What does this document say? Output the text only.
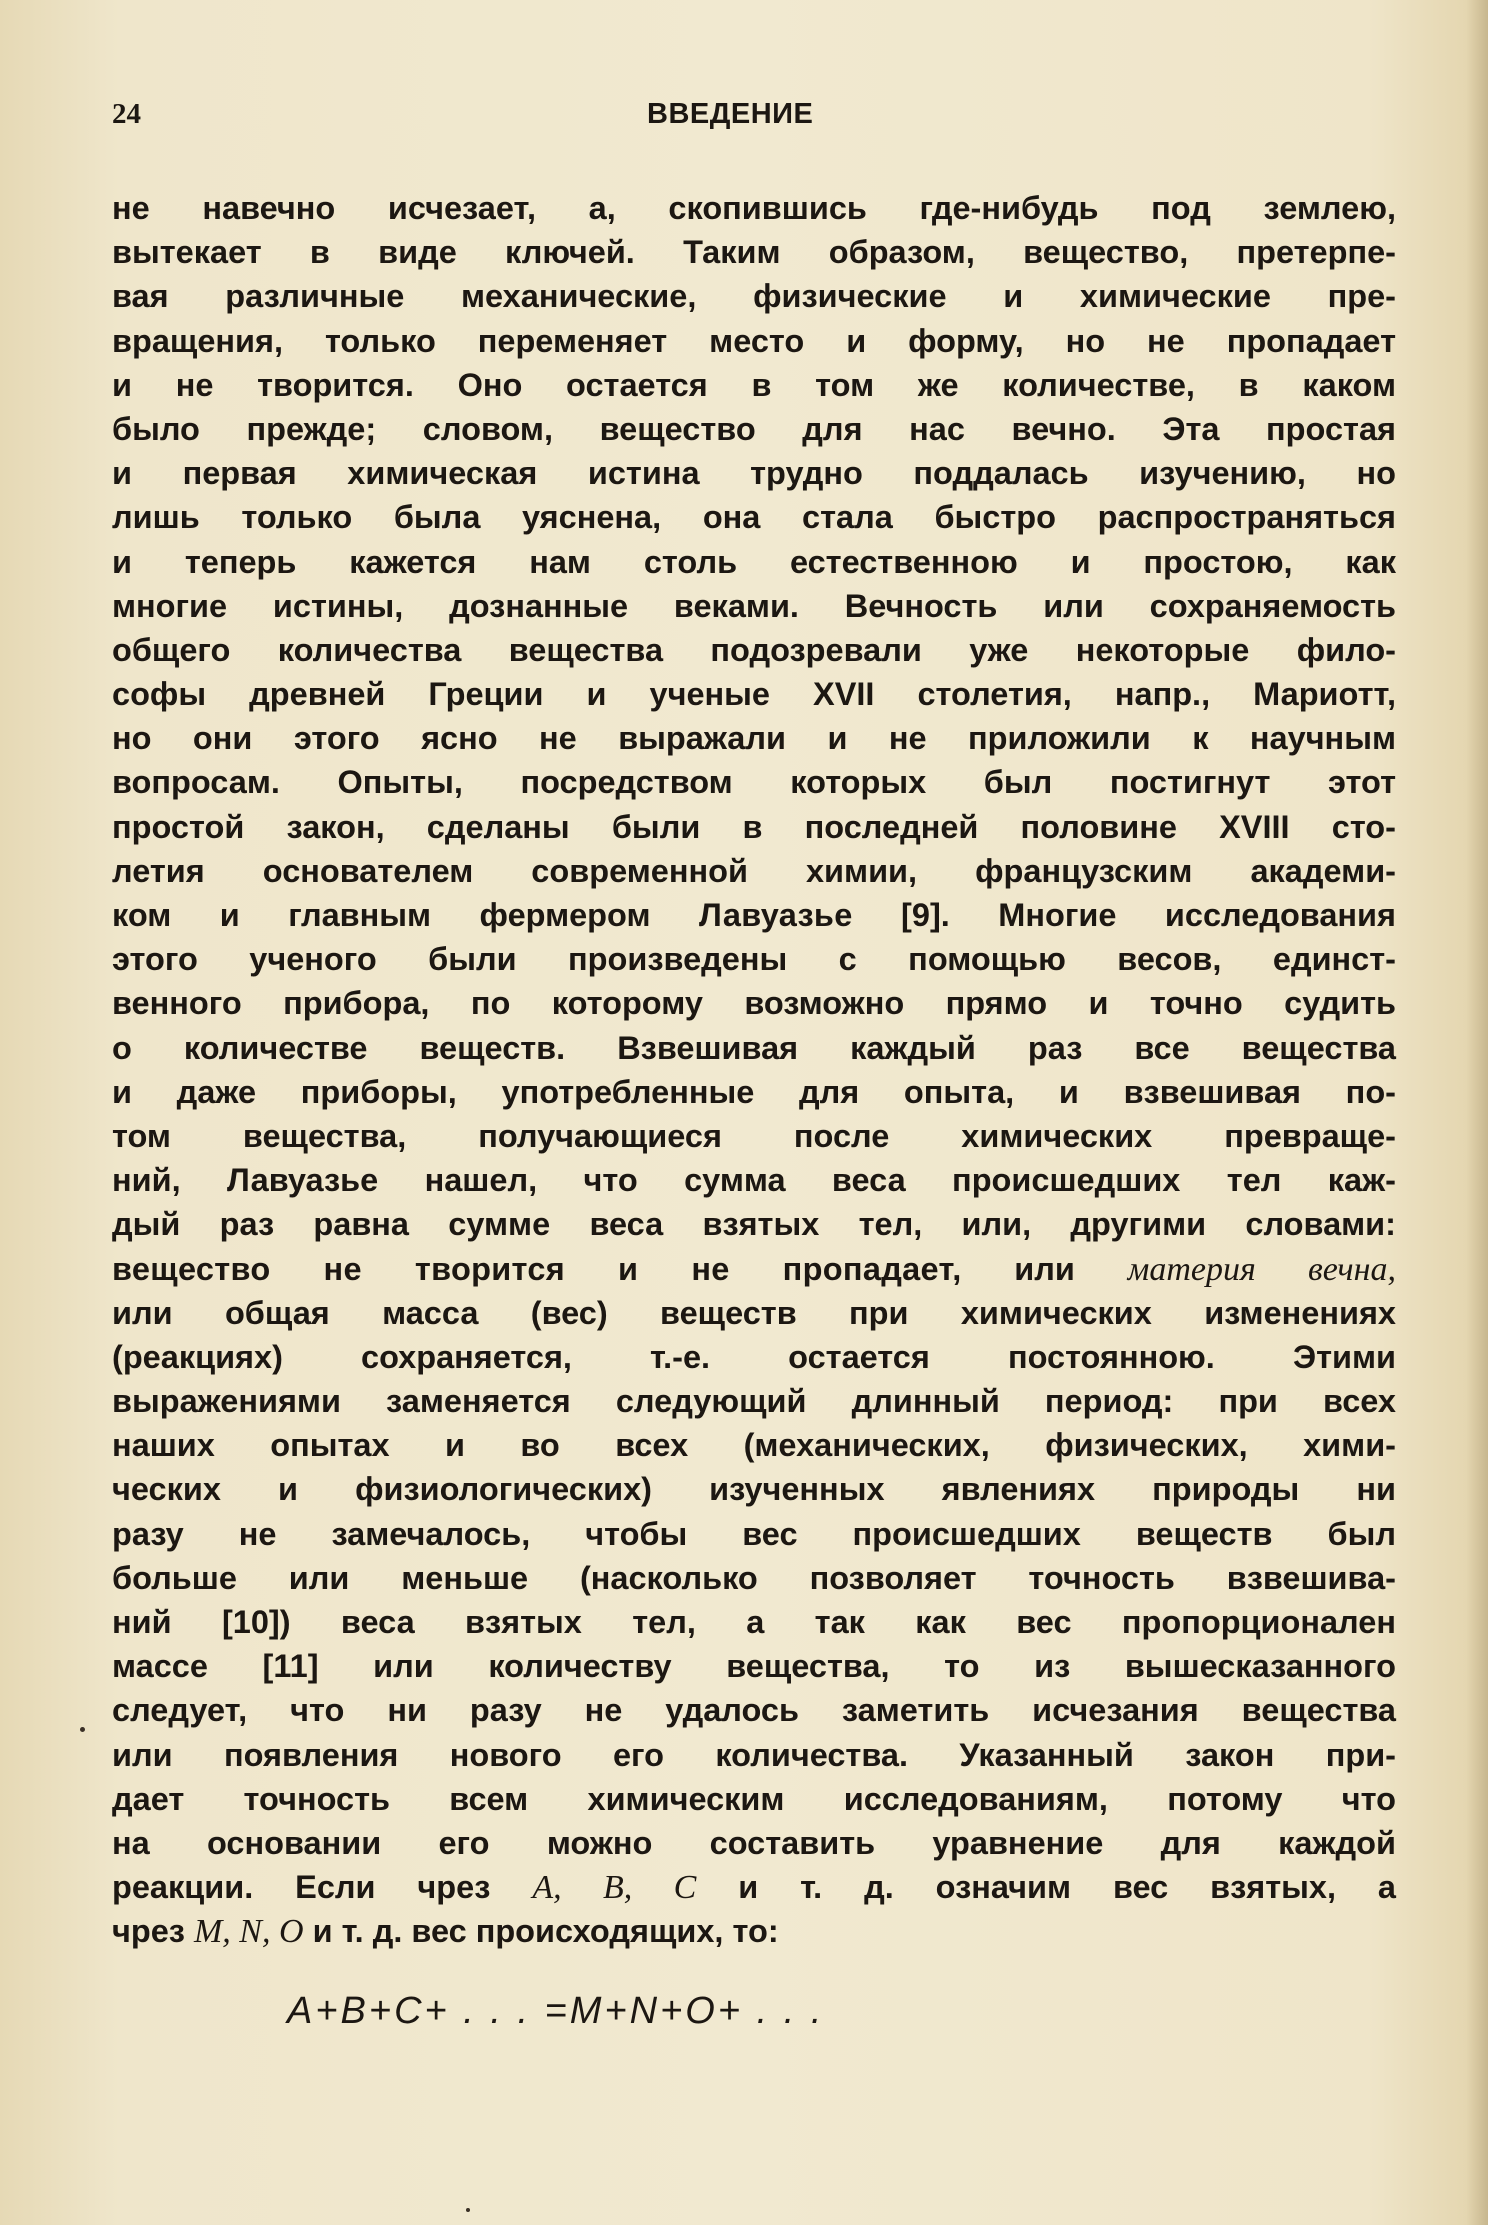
24	ВВЕДЕНИЕ
не навечно исчезает, а, скопившись где-нибудь под землею,
вытекает в виде ключей. Таким образом, вещество, претерпе-
вая различные механические, физические и химические пре-
вращения, только переменяет место и форму, но не пропадает
и не творится. Оно остается в том же количестве, в каком
было прежде; словом, вещество для нас вечно. Эта простая
и первая химическая истина трудно поддалась изучению, но
лишь только была уяснена, она стала быстро распространяться
и теперь кажется нам столь естественною и простою, как
многие истины, дознанные веками. Вечность или сохраняемость
общего количества вещества подозревали уже некоторые фило-
софы древней Греции и ученые XVII столетия, напр., Мариотт,
но они этого ясно не выражали и не приложили к научным
вопросам. Опыты, посредством которых был постигнут этот
простой закон, сделаны были в последней половине XVIII сто-
летия основателем современной химии, французским академи-
ком и главным фермером Лавуазье [9]. Многие исследования
этого ученого были произведены с помощью весов, единст-
венного прибора, по которому возможно прямо и точно судить
о количестве веществ. Взвешивая каждый раз все вещества
и даже приборы, употребленные для опыта, и взвешивая по-
том вещества, получающиеся после химических превраще-
ний, Лавуазье нашел, что сумма веса происшедших тел каж-
дый раз равна сумме веса взятых тел, или, другими словами:
вещество не творится и не пропадает, или материя вечна,
или общая масса (вес) веществ при химических изменениях
(реакциях) сохраняется, т.-е. остается постоянною. Этими
выражениями заменяется следующий длинный период: при всех
наших опытах и во всех (механических, физических, хими-
ческих и физиологических) изученных явлениях природы ни
разу не замечалось, чтобы вес происшедших веществ был
больше или меньше (насколько позволяет точность взвешива-
ний [10]) веса взятых тел, а так как вес пропорционален
массе [11] или количеству вещества, то из вышесказанного
следует, что ни разу не удалось заметить исчезания вещества
или появления нового его количества. Указанный закон при-
дает точность всем химическим исследованиям, потому что
на основании его можно составить уравнение для каждой
реакции. Если чрез A, B, C и т. д. означим вес взятых, а
чрез M, N, O и т. д. вес происходящих, то:
A+B+C+ . . . =M+N+O+ . . .
